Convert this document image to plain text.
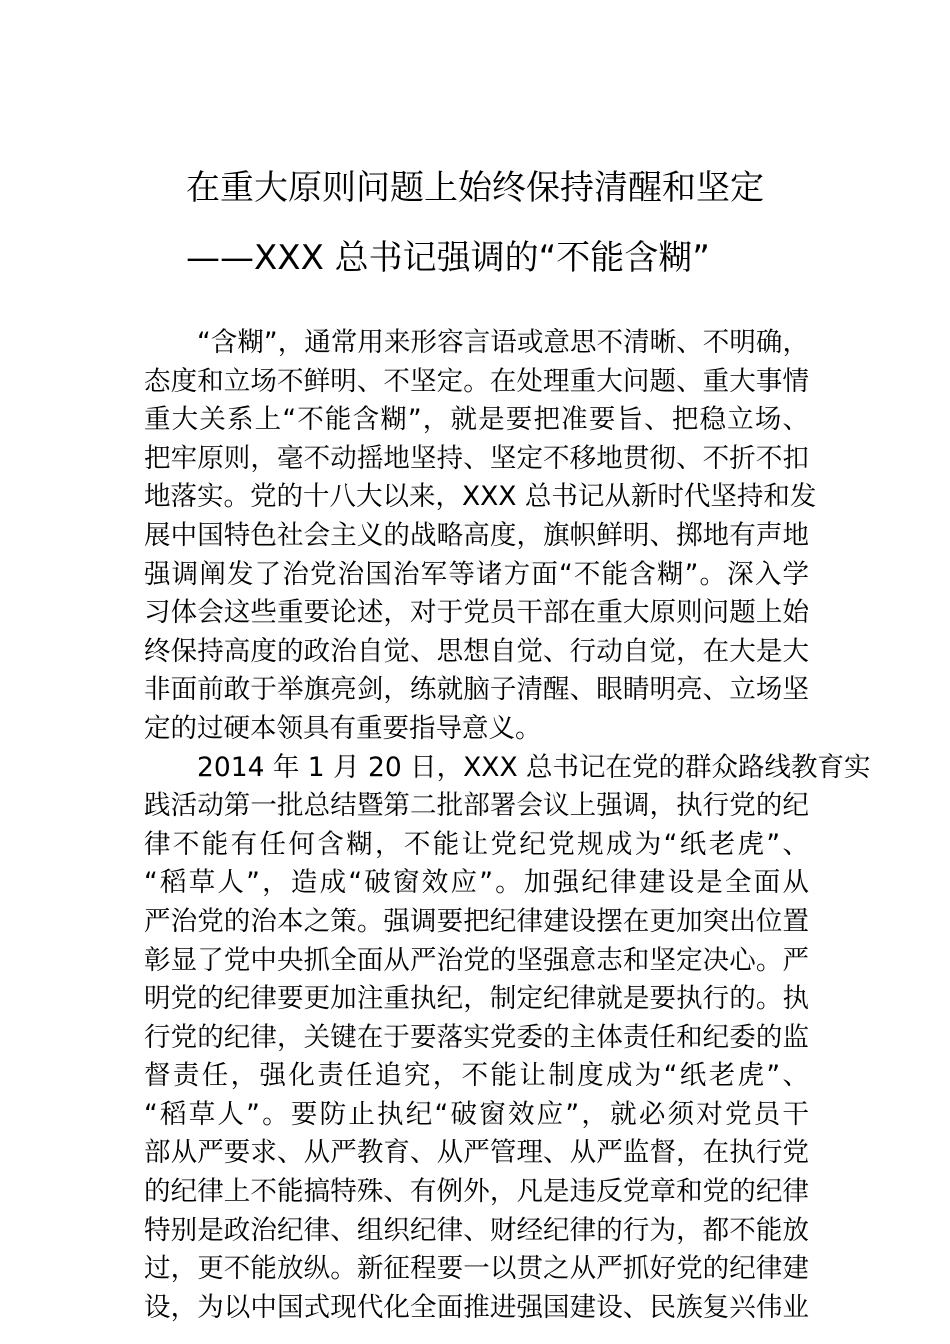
在重大原则问题上始终保持清醒和坚定
——XXX 总书记强调的“不能含糊”
“含糊”，通常用来形容言语或意思不清晰、不明确，
态度和立场不鲜明、不坚定。在处理重大问题、重大事情
重大关系上“不能含糊”，就是要把准要旨、把稳立场、
把牢原则，毫不动摇地坚持、坚定不移地贯彻、不折不扣
地落实。党的十八大以来，XXX 总书记从新时代坚持和发
展中国特色社会主义的战略高度，旗帜鲜明、掷地有声地
强调阐发了治党治国治军等诸方面“不能含糊”。深入学
习体会这些重要论述，对于党员干部在重大原则问题上始
终保持高度的政治自觉、思想自觉、行动自觉，在大是大
非面前敢于举旗亮剑，练就脑子清醒、眼睛明亮、立场坚
定的过硬本领具有重要指导意义。
2014 年 1 月 20 日，XXX 总书记在党的群众路线教育实
践活动第一批总结暨第二批部署会议上强调，执行党的纪
律不能有任何含糊，不能让党纪党规成为“纸老虎”、
“稻草人”，造成“破窗效应”。加强纪律建设是全面从
严治党的治本之策。强调要把纪律建设摆在更加突出位置
彰显了党中央抓全面从严治党的坚强意志和坚定决心。严
明党的纪律要更加注重执纪，制定纪律就是要执行的。执
行党的纪律，关键在于要落实党委的主体责任和纪委的监
督责任，强化责任追究，不能让制度成为“纸老虎”、
“稻草人”。要防止执纪“破窗效应”，就必须对党员干
部从严要求、从严教育、从严管理、从严监督，在执行党
的纪律上不能搞特殊、有例外，凡是违反党章和党的纪律
特别是政治纪律、组织纪律、财经纪律的行为，都不能放
过，更不能放纵。新征程要一以贯之从严抓好党的纪律建
设，为以中国式现代化全面推进强国建设、民族复兴伟业
